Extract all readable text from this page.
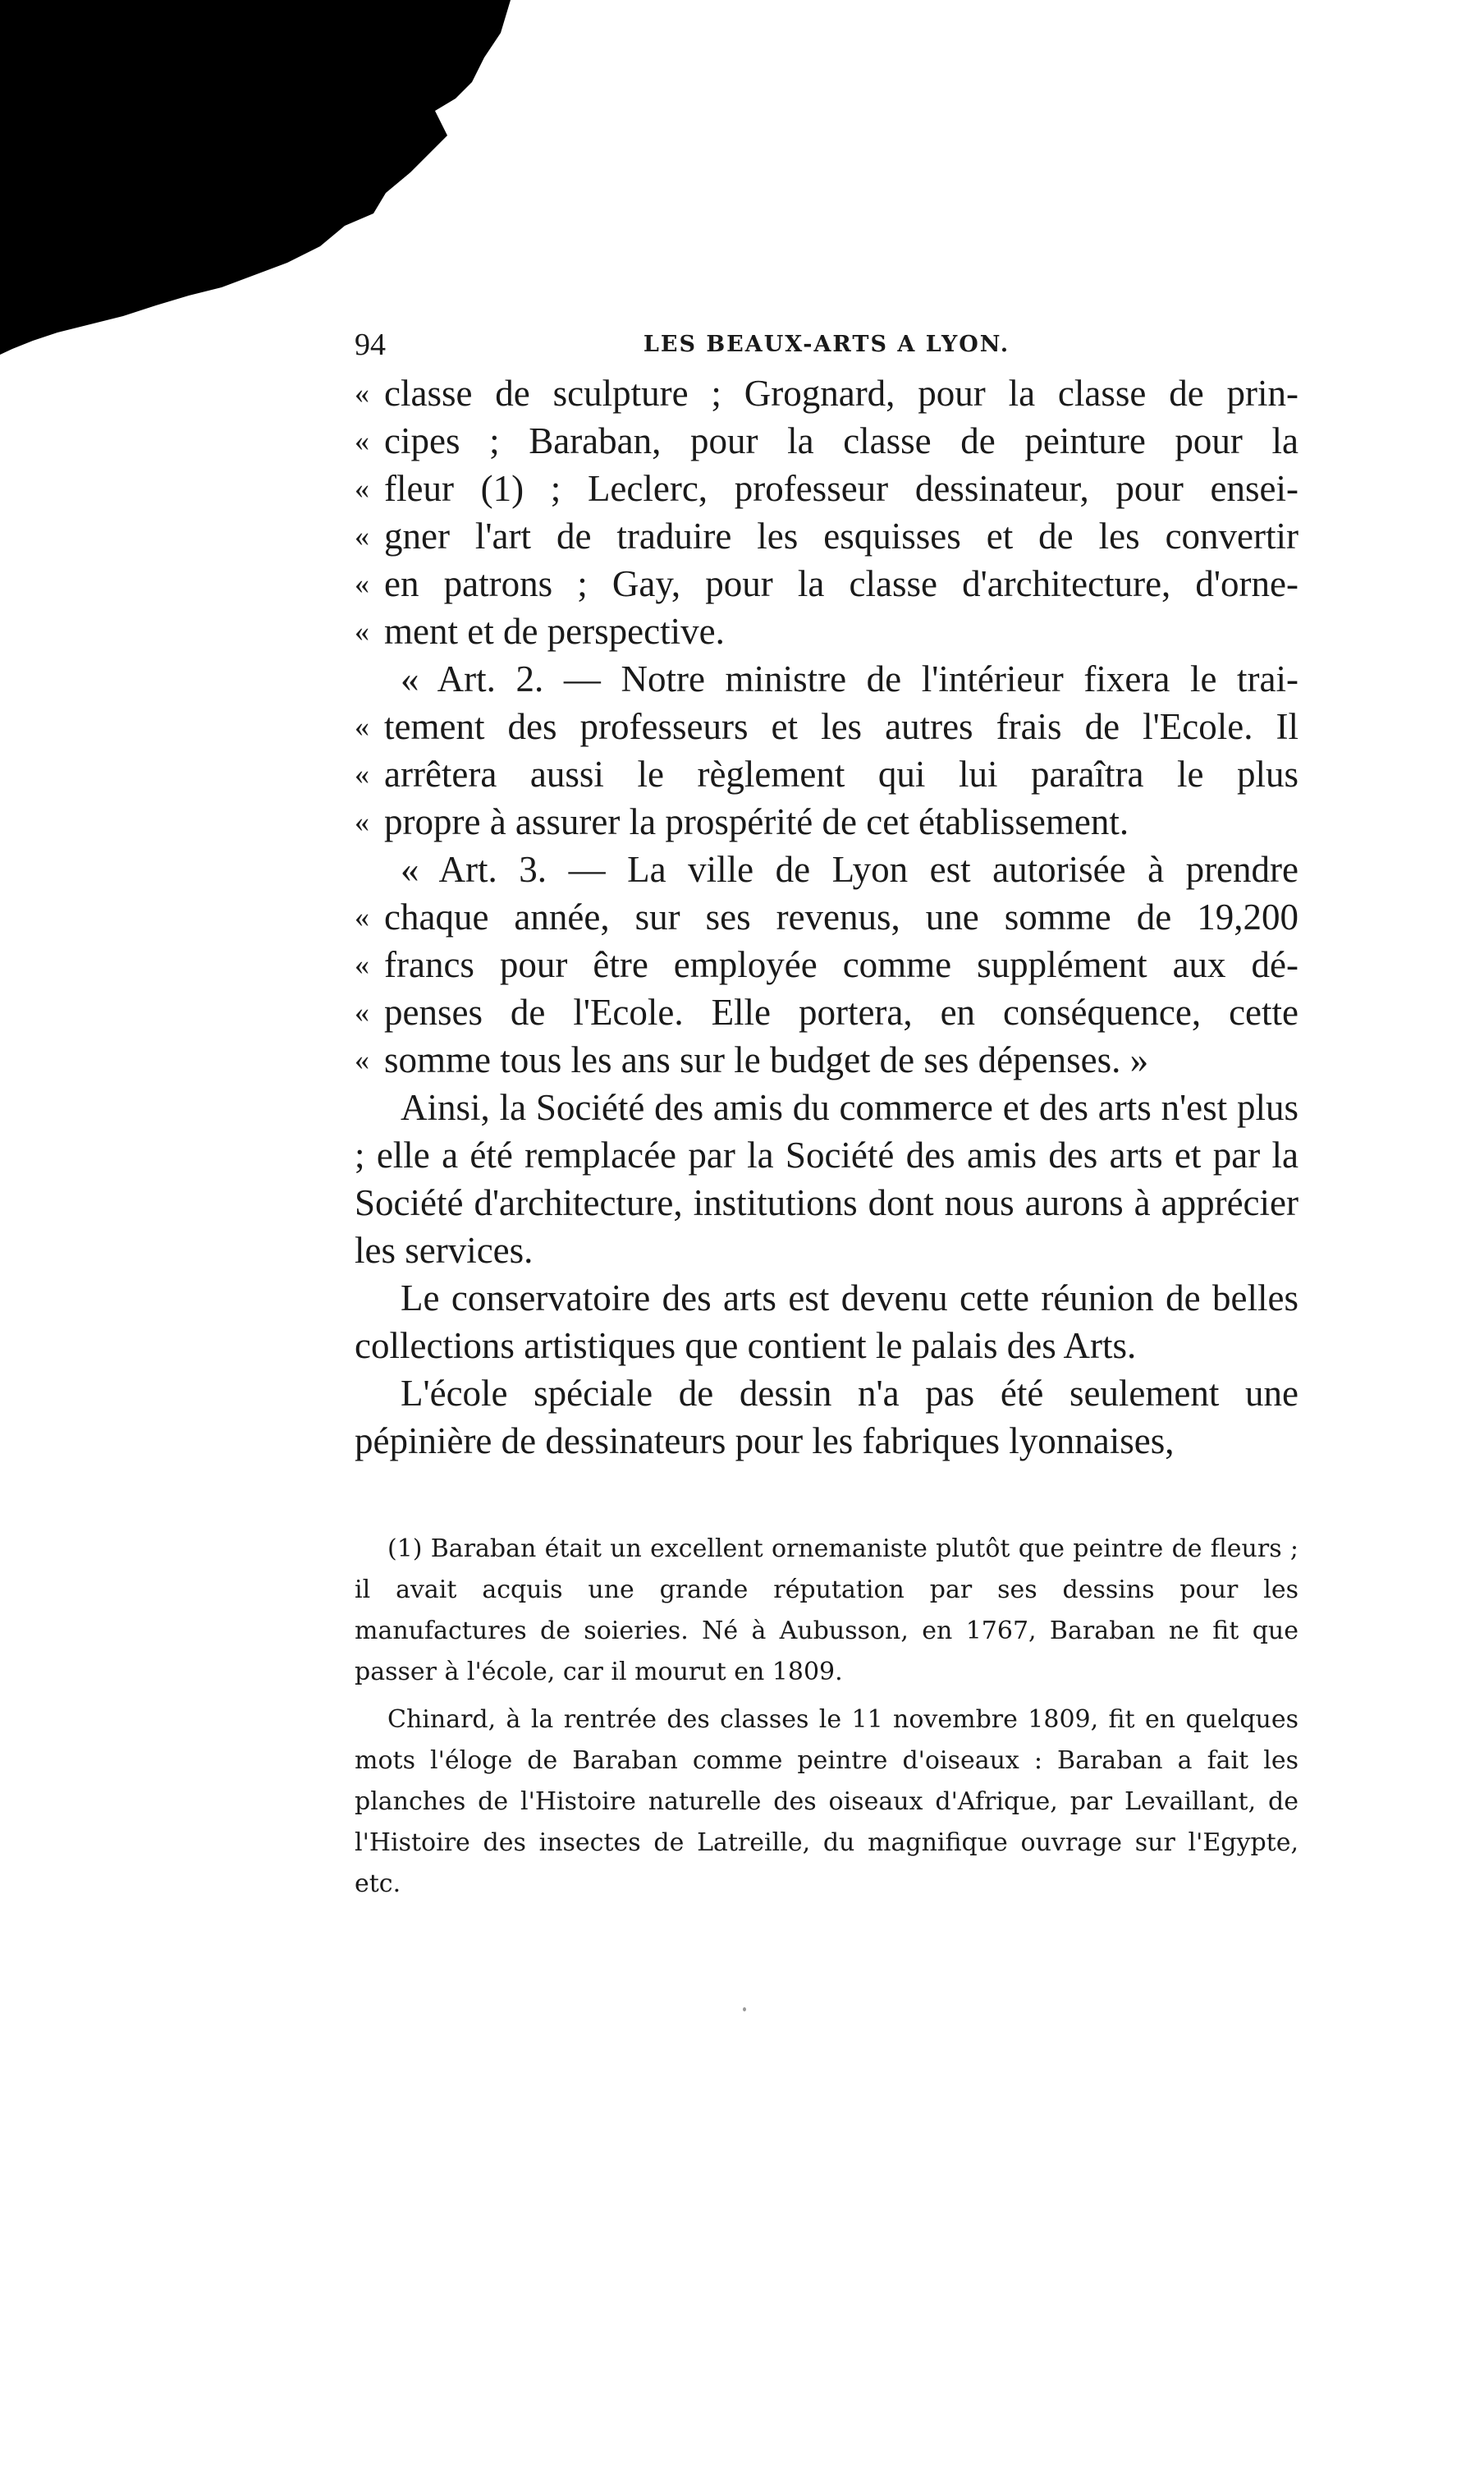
94	LES BEAUX-ARTS A LYON.
« classe de sculpture ; Grognard, pour la classe de prin-
« cipes ; Baraban, pour la classe de peinture pour la
« fleur (1) ; Leclerc, professeur dessinateur, pour ensei-
« gner l'art de traduire les esquisses et de les convertir
« en patrons ; Gay, pour la classe d'architecture, d'orne-
« ment et de perspective.
« Art. 2. — Notre ministre de l'intérieur fixera le trai-
« tement des professeurs et les autres frais de l'Ecole. Il
« arrêtera aussi le règlement qui lui paraîtra le plus
« propre à assurer la prospérité de cet établissement.
« Art. 3. — La ville de Lyon est autorisée à prendre
« chaque année, sur ses revenus, une somme de 19,200
« francs pour être employée comme supplément aux dé-
« penses de l'Ecole. Elle portera, en conséquence, cette
« somme tous les ans sur le budget de ses dépenses. »

Ainsi, la Société des amis du commerce et des arts n'est plus ; elle a été remplacée par la Société des amis des arts et par la Société d'architecture, institutions dont nous aurons à apprécier les services.

Le conservatoire des arts est devenu cette réunion de belles collections artistiques que contient le palais des Arts.

L'école spéciale de dessin n'a pas été seulement une pépinière de dessinateurs pour les fabriques lyonnaises,

(1) Baraban était un excellent ornemaniste plutôt que peintre de fleurs ; il avait acquis une grande réputation par ses dessins pour les manufactures de soieries. Né à Aubusson, en 1767, Baraban ne fit que passer à l'école, car il mourut en 1809.

Chinard, à la rentrée des classes le 11 novembre 1809, fit en quelques mots l'éloge de Baraban comme peintre d'oiseaux : Baraban a fait les planches de l'Histoire naturelle des oiseaux d'Afrique, par Levaillant, de l'Histoire des insectes de Latreille, du magnifique ouvrage sur l'Egypte, etc.
